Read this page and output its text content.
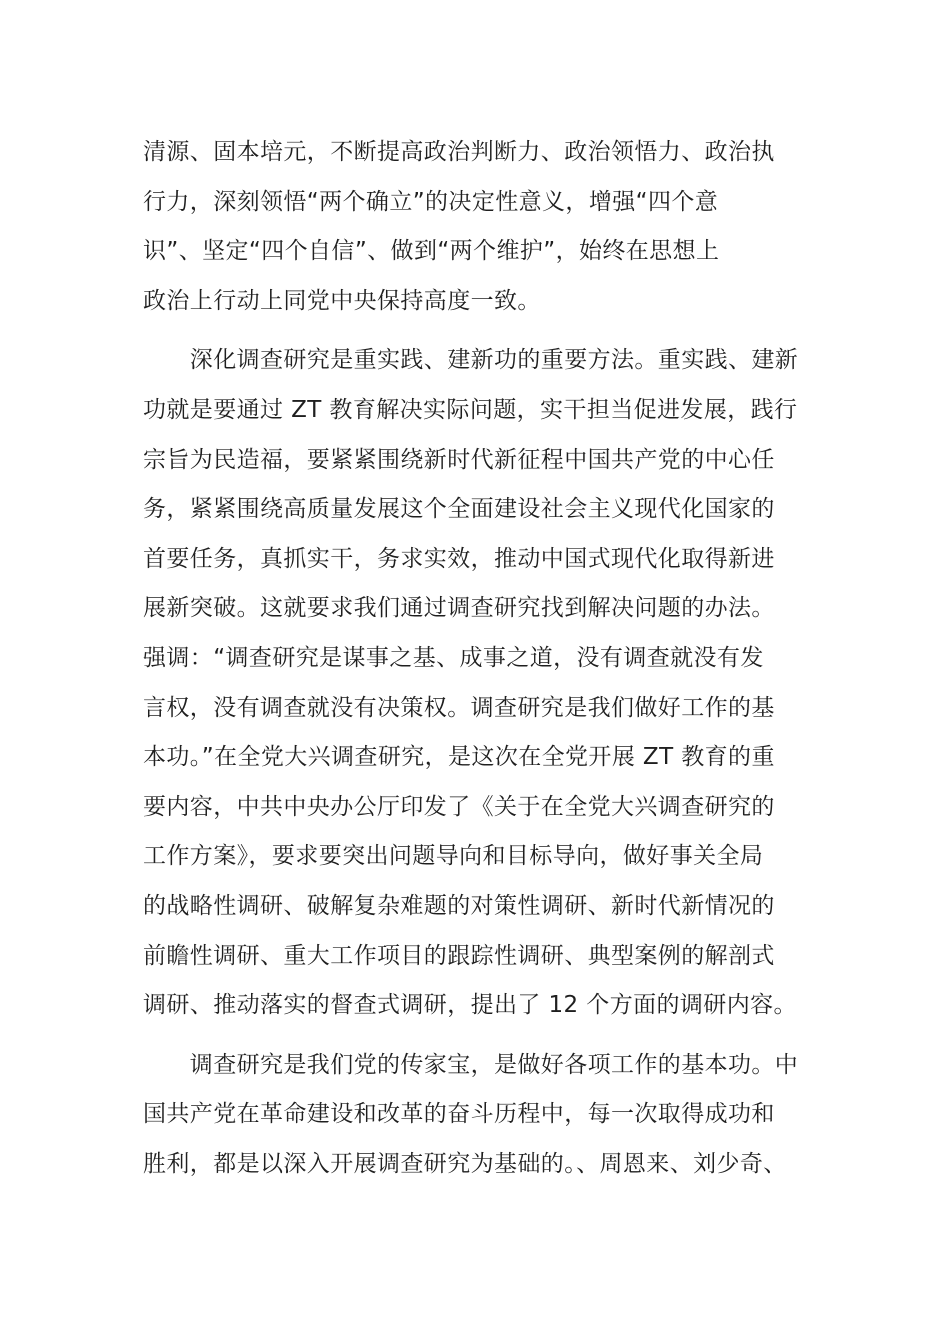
清源、固本培元，不断提高政治判断力、政治领悟力、政治执
行力，深刻领悟“两个确立”的决定性意义，增强“四个意
识”、坚定“四个自信”、做到“两个维护”，始终在思想上
政治上行动上同党中央保持高度一致。
　　深化调查研究是重实践、建新功的重要方法。重实践、建新
功就是要通过 ZT 教育解决实际问题，实干担当促进发展，践行
宗旨为民造福，要紧紧围绕新时代新征程中国共产党的中心任
务，紧紧围绕高质量发展这个全面建设社会主义现代化国家的
首要任务，真抓实干，务求实效，推动中国式现代化取得新进
展新突破。这就要求我们通过调查研究找到解决问题的办法。
强调：“调查研究是谋事之基、成事之道，没有调查就没有发
言权，没有调查就没有决策权。调查研究是我们做好工作的基
本功。”在全党大兴调查研究，是这次在全党开展 ZT 教育的重
要内容，中共中央办公厅印发了《关于在全党大兴调查研究的
工作方案》，要求要突出问题导向和目标导向，做好事关全局
的战略性调研、破解复杂难题的对策性调研、新时代新情况的
前瞻性调研、重大工作项目的跟踪性调研、典型案例的解剖式
调研、推动落实的督查式调研，提出了 12 个方面的调研内容。
　　调查研究是我们党的传家宝，是做好各项工作的基本功。中
国共产党在革命建设和改革的奋斗历程中，每一次取得成功和
胜利，都是以深入开展调查研究为基础的。、周恩来、刘少奇、
